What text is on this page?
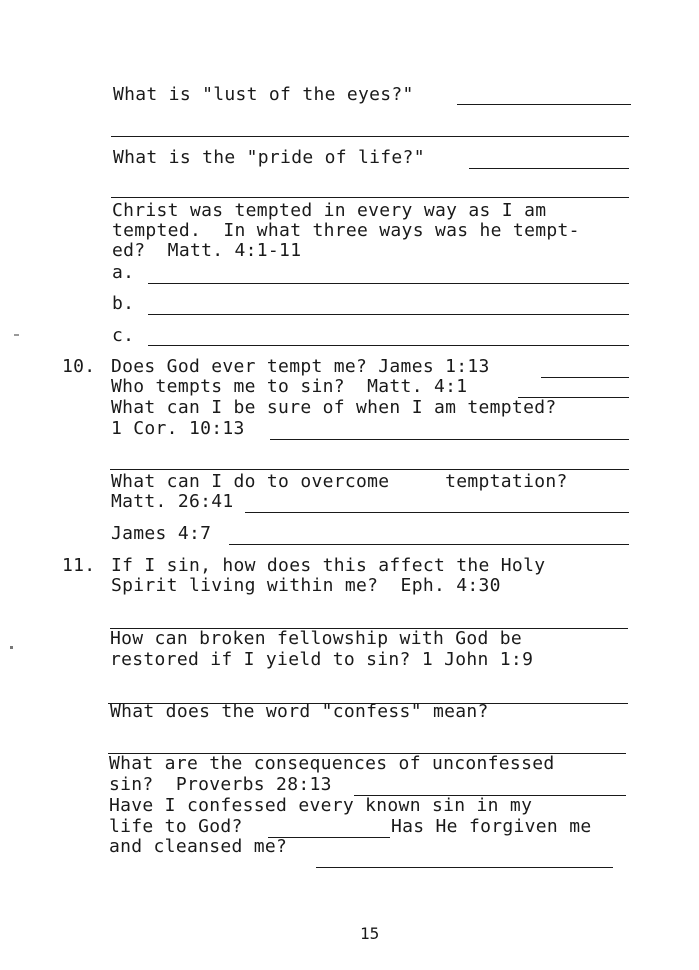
What is "lust of the eyes?"
What is the "pride of life?"
Christ was tempted in every way as I am
tempted.  In what three ways was he tempt-
ed?  Matt. 4:1-11
a.
b.
c.
10. Does God ever tempt me? James 1:13
Who tempts me to sin?  Matt. 4:1
What can I be sure of when I am tempted?
1 Cor. 10:13
What can I do to overcome     temptation?
Matt. 26:41
James 4:7
11. If I sin, how does this affect the Holy
Spirit living within me?  Eph. 4:30
How can broken fellowship with God be
restored if I yield to sin? 1 John 1:9
What does the word "confess" mean?
What are the consequences of unconfessed
sin?  Proverbs 28:13
Have I confessed every known sin in my
life to God?	Has He forgiven me
and cleansed me?
15
